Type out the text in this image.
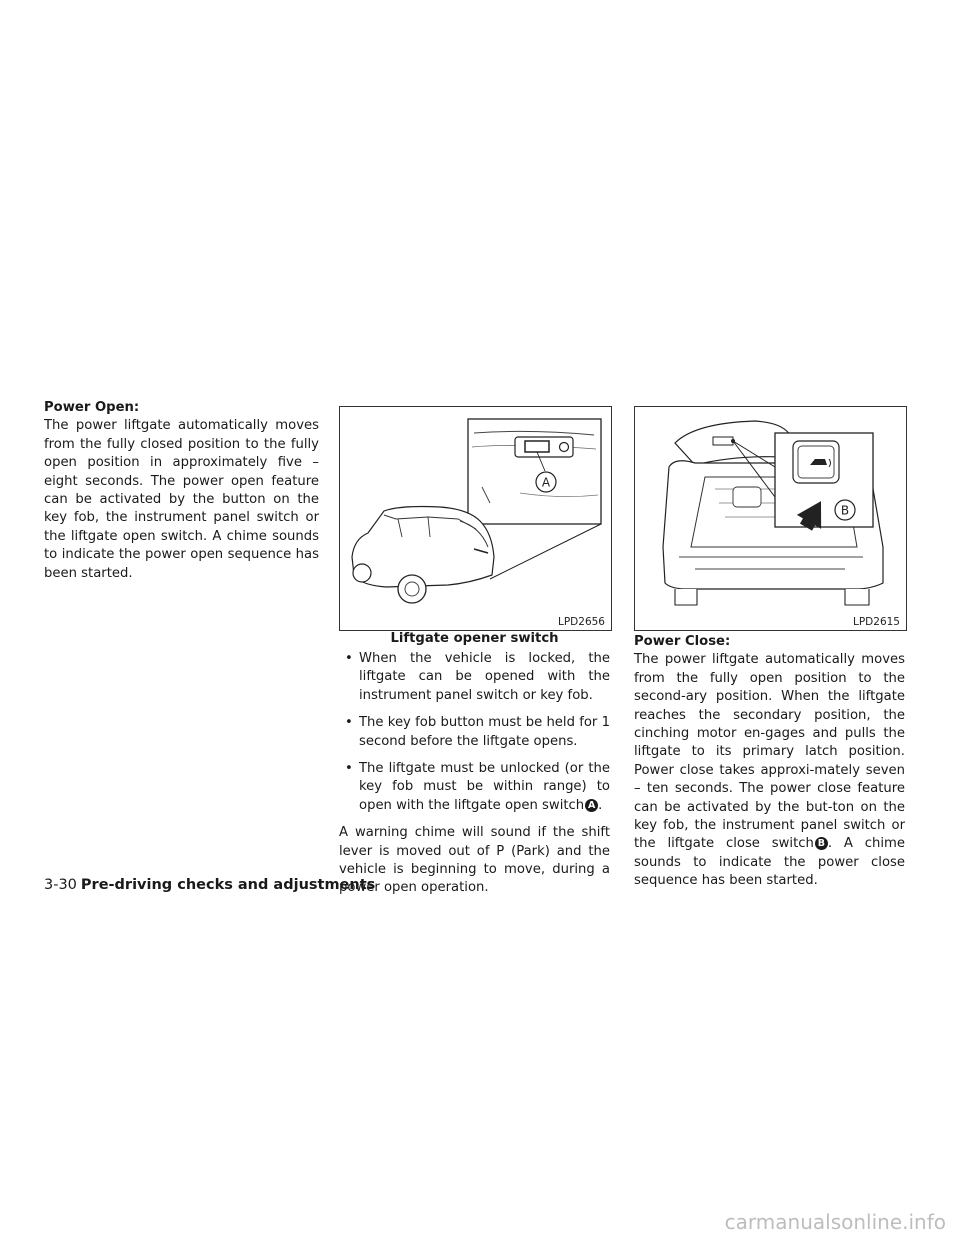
Power Open:

The power liftgate automatically moves from the fully closed position to the fully open position in approximately five – eight seconds. The power open feature can be activated by the button on the key fob, the instrument panel switch or the liftgate open switch. A chime sounds to indicate the power open sequence has been started.

A
LPD2656
Liftgate opener switch
• When the vehicle is locked, the liftgate can be opened with the instrument panel switch or key fob.
• The key fob button must be held for 1 second before the liftgate opens.
• The liftgate must be unlocked (or the key fob must be within range) to open with the liftgate open switch A .

A warning chime will sound if the shift lever is moved out of P (Park) and the vehicle is beginning to move, during a power open operation.

B
LPD2615

Power Close:

The power liftgate automatically moves from the fully open position to the second-ary position. When the liftgate reaches the secondary position, the cinching motor en-gages and pulls the liftgate to its primary latch position. Power close takes approxi-mately seven – ten seconds. The power close feature can be activated by the but-ton on the key fob, the instrument panel switch or the liftgate close switch B . A chime sounds to indicate the power close sequence has been started.

3-30 Pre-driving checks and adjustments
carmanualsonline.info
